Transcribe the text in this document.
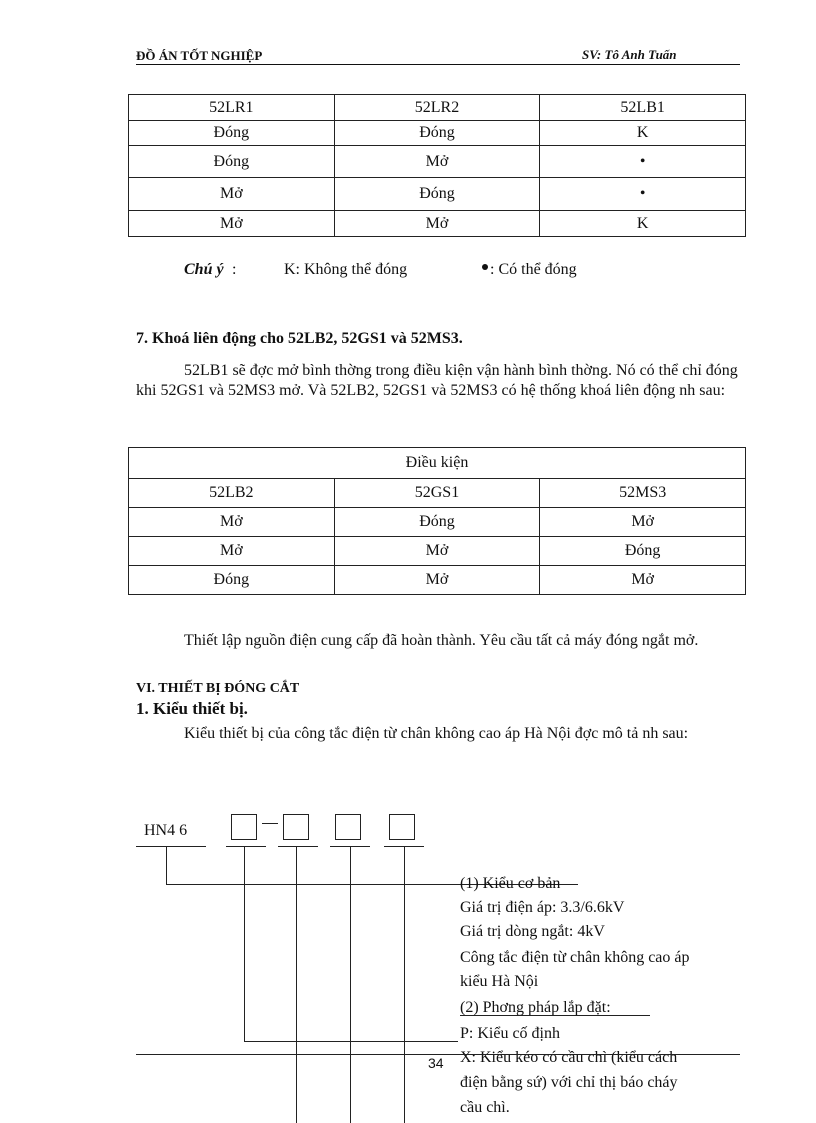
ĐỒ ÁN TỐT NGHIỆP	SV: Tô Anh Tuấn
52LR1	52LR2	52LB1
Đóng	Đóng	K
Đóng	Mở	•
Mở	Đóng	•
Mở	Mở	K
Chú ý :	K: Không thể đóng	: Có thể đóng
7. Khoá liên động cho 52LB2, 52GS1 và 52MS3.
52LB1 sẽ đợc mở bình thờng trong điều kiện vận hành bình thờng. Nó có thể chỉ đóng khi 52GS1 và 52MS3 mở. Và 52LB2, 52GS1 và 52MS3 có hệ thống khoá liên động nh sau:
Điều kiện		
52LB2	52GS1	52MS3
Mở	Đóng	Mở
Mở	Mở	Đóng
Đóng	Mở	Mở
Thiết lập nguồn điện cung cấp đã hoàn thành. Yêu cầu tất cả máy đóng ngắt mở.
VI. THIẾT BỊ ĐÓNG CẮT
1. Kiểu thiết bị.
Kiểu thiết bị của công tắc điện từ chân không cao áp Hà Nội đợc mô tả nh sau:
HN4 6
(1) Kiểu cơ bản
Giá trị điện áp: 3.3/6.6kV
Giá trị dòng ngắt: 4kV
Công tắc điện từ chân không cao áp
kiểu Hà Nội
(2) Phơng pháp lắp đặt:
P: Kiểu cố định
X: Kiểu kéo có cầu chì (kiểu cách
điện bằng sứ) với chỉ thị báo cháy
cầu chì.
34
